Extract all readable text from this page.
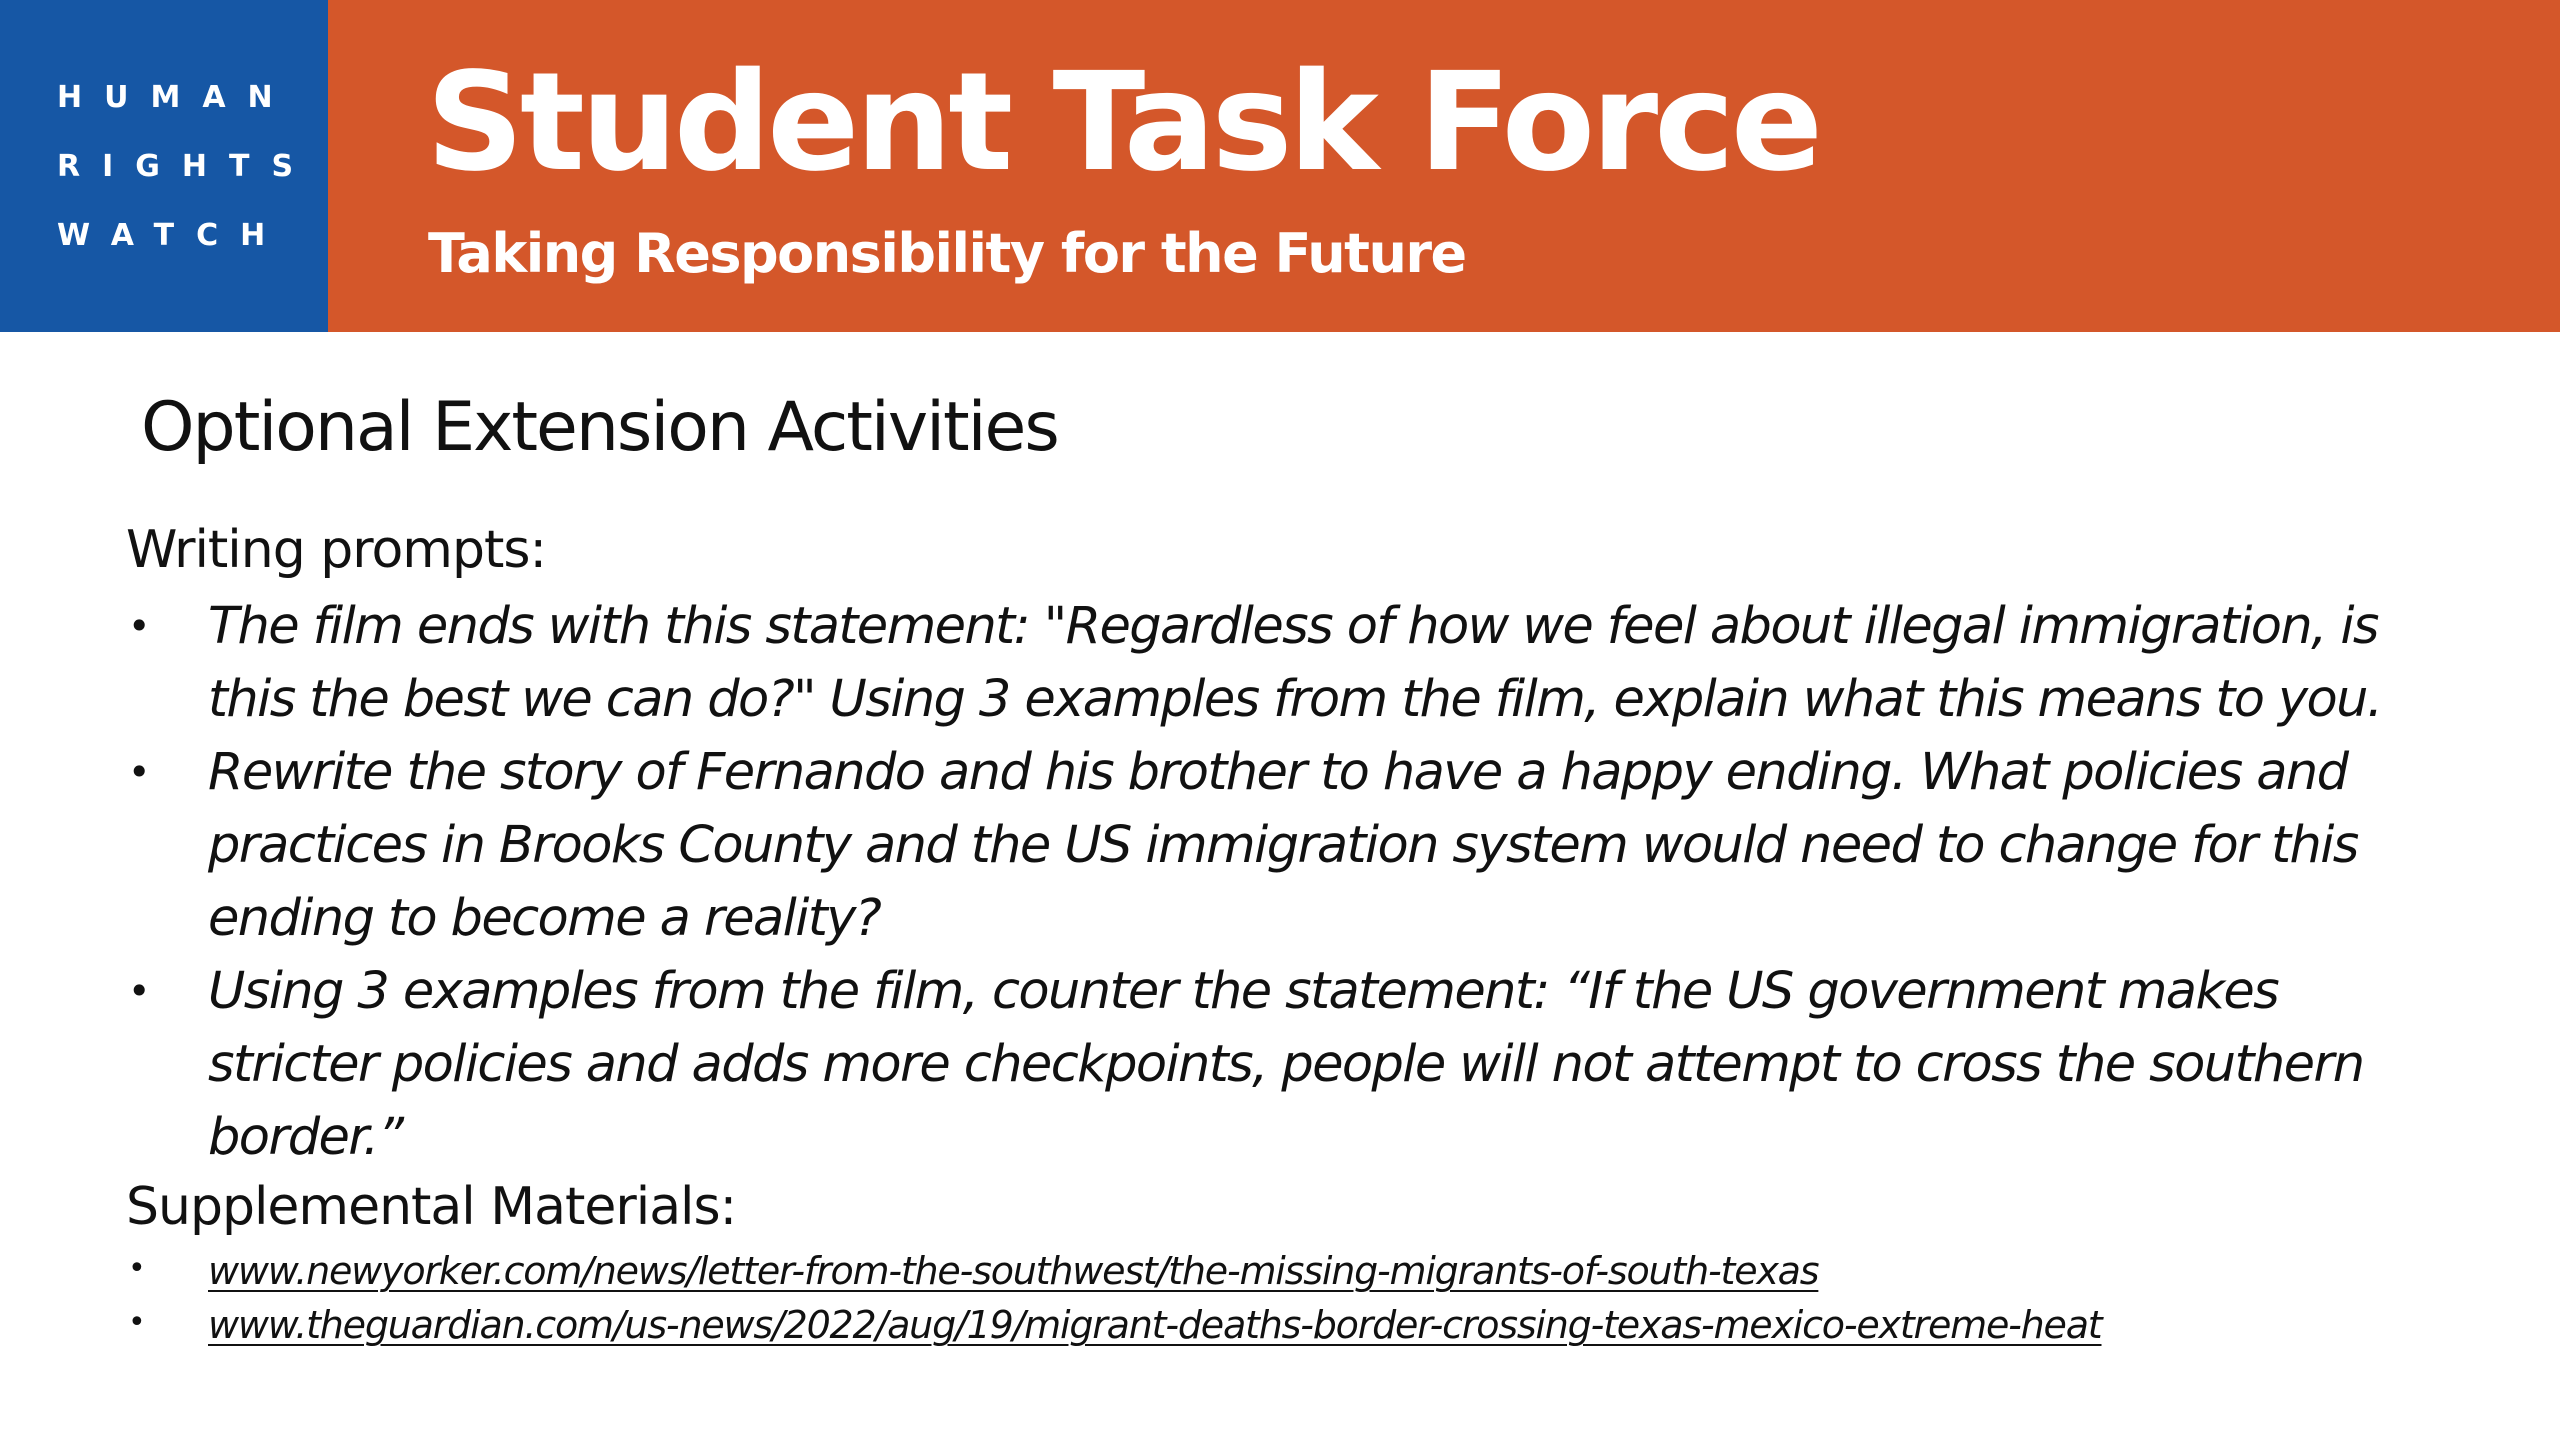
HUMAN
RIGHTS
WATCH
Student Task Force
Taking Responsibility for the Future
Optional Extension Activities
Writing prompts:
• The film ends with this statement: "Regardless of how we feel about illegal immigration, is this the best we can do?" Using 3 examples from the film, explain what this means to you.
• Rewrite the story of Fernando and his brother to have a happy ending. What policies and practices in Brooks County and the US immigration system would need to change for this ending to become a reality?
• Using 3 examples from the film, counter the statement: “If the US government makes stricter policies and adds more checkpoints, people will not attempt to cross the southern border.”
Supplemental Materials:
• www.newyorker.com/news/letter-from-the-southwest/the-missing-migrants-of-south-texas
• www.theguardian.com/us-news/2022/aug/19/migrant-deaths-border-crossing-texas-mexico-extreme-heat
